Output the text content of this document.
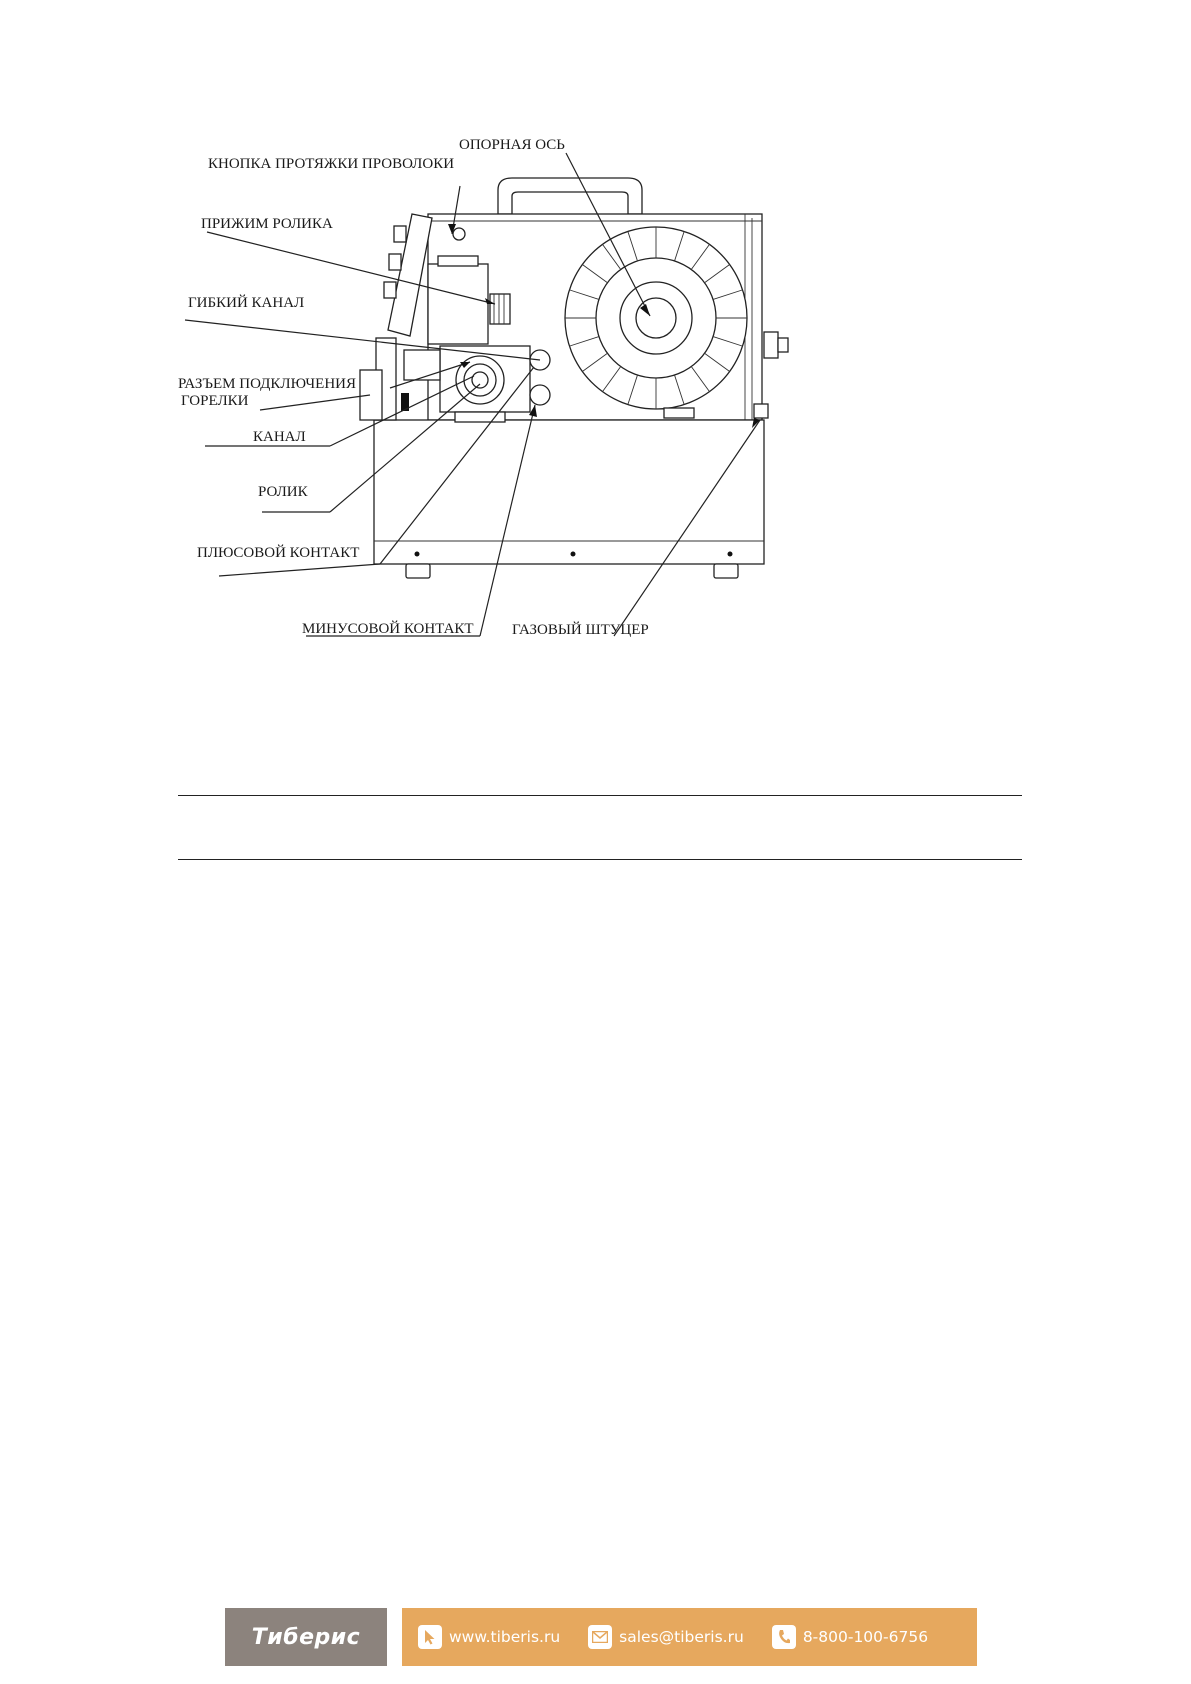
КНОПКА ПРОТЯЖКИ ПРОВОЛОКИ
ОПОРНАЯ ОСЬ
ПРИЖИМ РОЛИКА
ГИБКИЙ КАНАЛ
РАЗЪЕМ ПОДКЛЮЧЕНИЯ
ГОРЕЛКИ
КАНАЛ
РОЛИК
ПЛЮСОВОЙ КОНТАКТ
МИНУСОВОЙ КОНТАКТ	ГАЗОВЫЙ ШТУЦЕР
Тиберис	www.tiberis.ru	sales@tiberis.ru	8-800-100-6756
